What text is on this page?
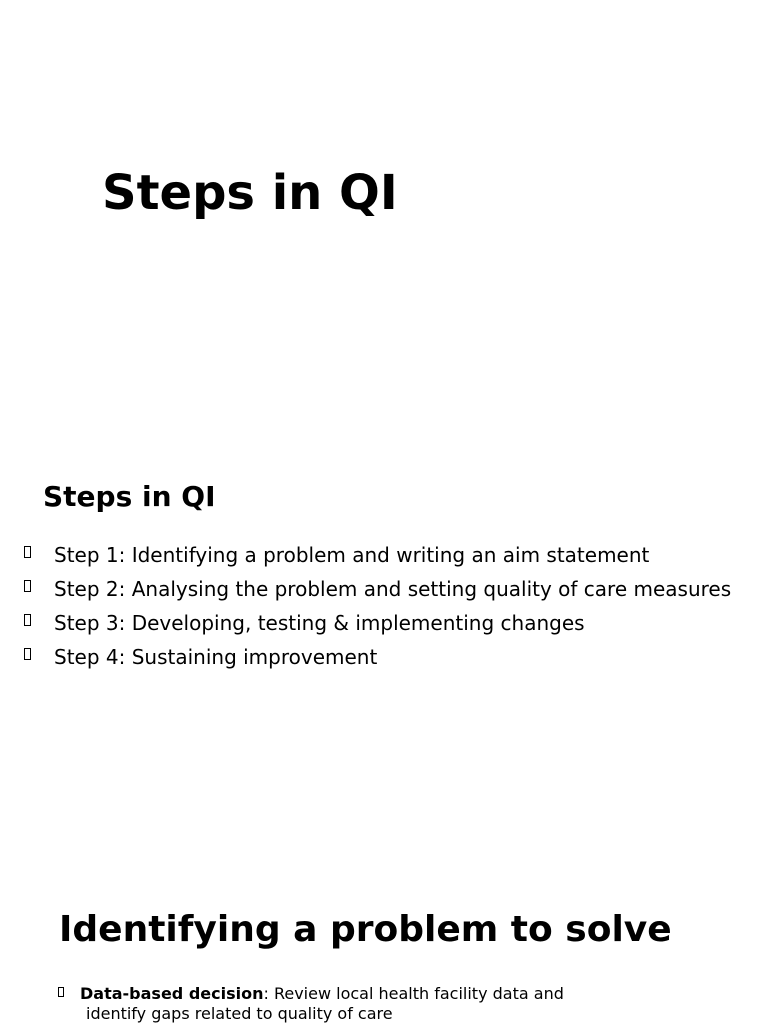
Steps in QI
Steps in QI
Step 1: Identifying a problem and writing an aim statement
Step 2: Analysing the problem and setting quality of care measures
Step 3: Developing, testing & implementing changes
Step 4: Sustaining improvement
Identifying a problem to solve
Data-based decision: Review local health facility data and
identify gaps related to quality of care
